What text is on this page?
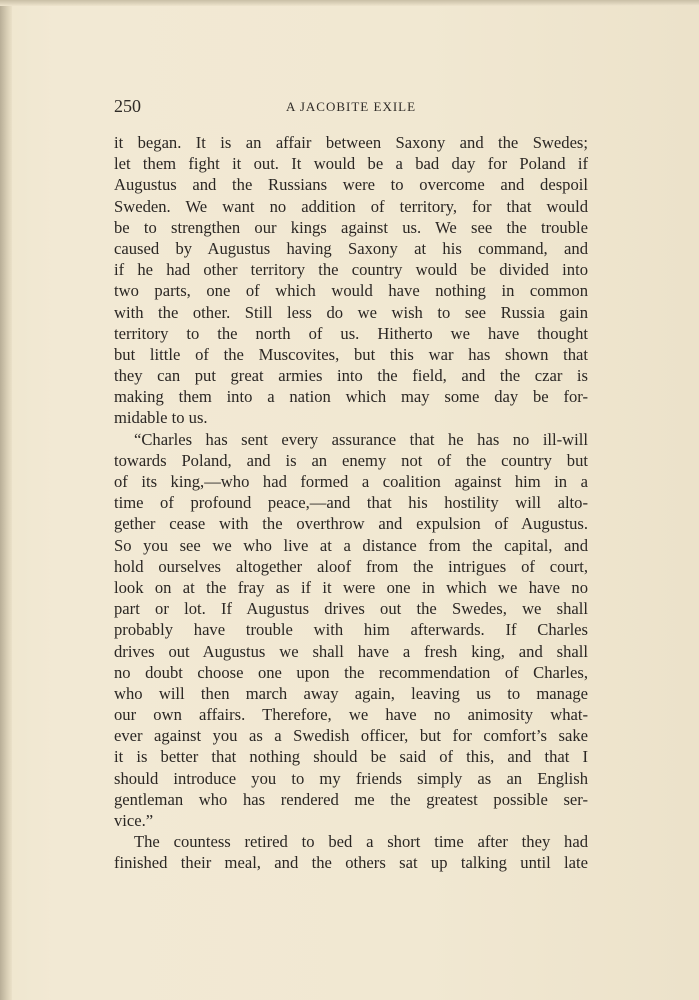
250	A JACOBITE EXILE
it began. It is an affair between Saxony and the Swedes;
let them fight it out. It would be a bad day for Poland if
Augustus and the Russians were to overcome and despoil
Sweden. We want no addition of territory, for that would
be to strengthen our kings against us. We see the trouble
caused by Augustus having Saxony at his command, and
if he had other territory the country would be divided into
two parts, one of which would have nothing in common
with the other. Still less do we wish to see Russia gain
territory to the north of us. Hitherto we have thought
but little of the Muscovites, but this war has shown that
they can put great armies into the field, and the czar is
making them into a nation which may some day be for-
midable to us.
“Charles has sent every assurance that he has no ill-will
towards Poland, and is an enemy not of the country but
of its king,—who had formed a coalition against him in a
time of profound peace,—and that his hostility will alto-
gether cease with the overthrow and expulsion of Augustus.
So you see we who live at a distance from the capital, and
hold ourselves altogether aloof from the intrigues of court,
look on at the fray as if it were one in which we have no
part or lot. If Augustus drives out the Swedes, we shall
probably have trouble with him afterwards. If Charles
drives out Augustus we shall have a fresh king, and shall
no doubt choose one upon the recommendation of Charles,
who will then march away again, leaving us to manage
our own affairs. Therefore, we have no animosity what-
ever against you as a Swedish officer, but for comfort’s sake
it is better that nothing should be said of this, and that I
should introduce you to my friends simply as an English
gentleman who has rendered me the greatest possible ser-
vice.”
The countess retired to bed a short time after they had
finished their meal, and the others sat up talking until late
